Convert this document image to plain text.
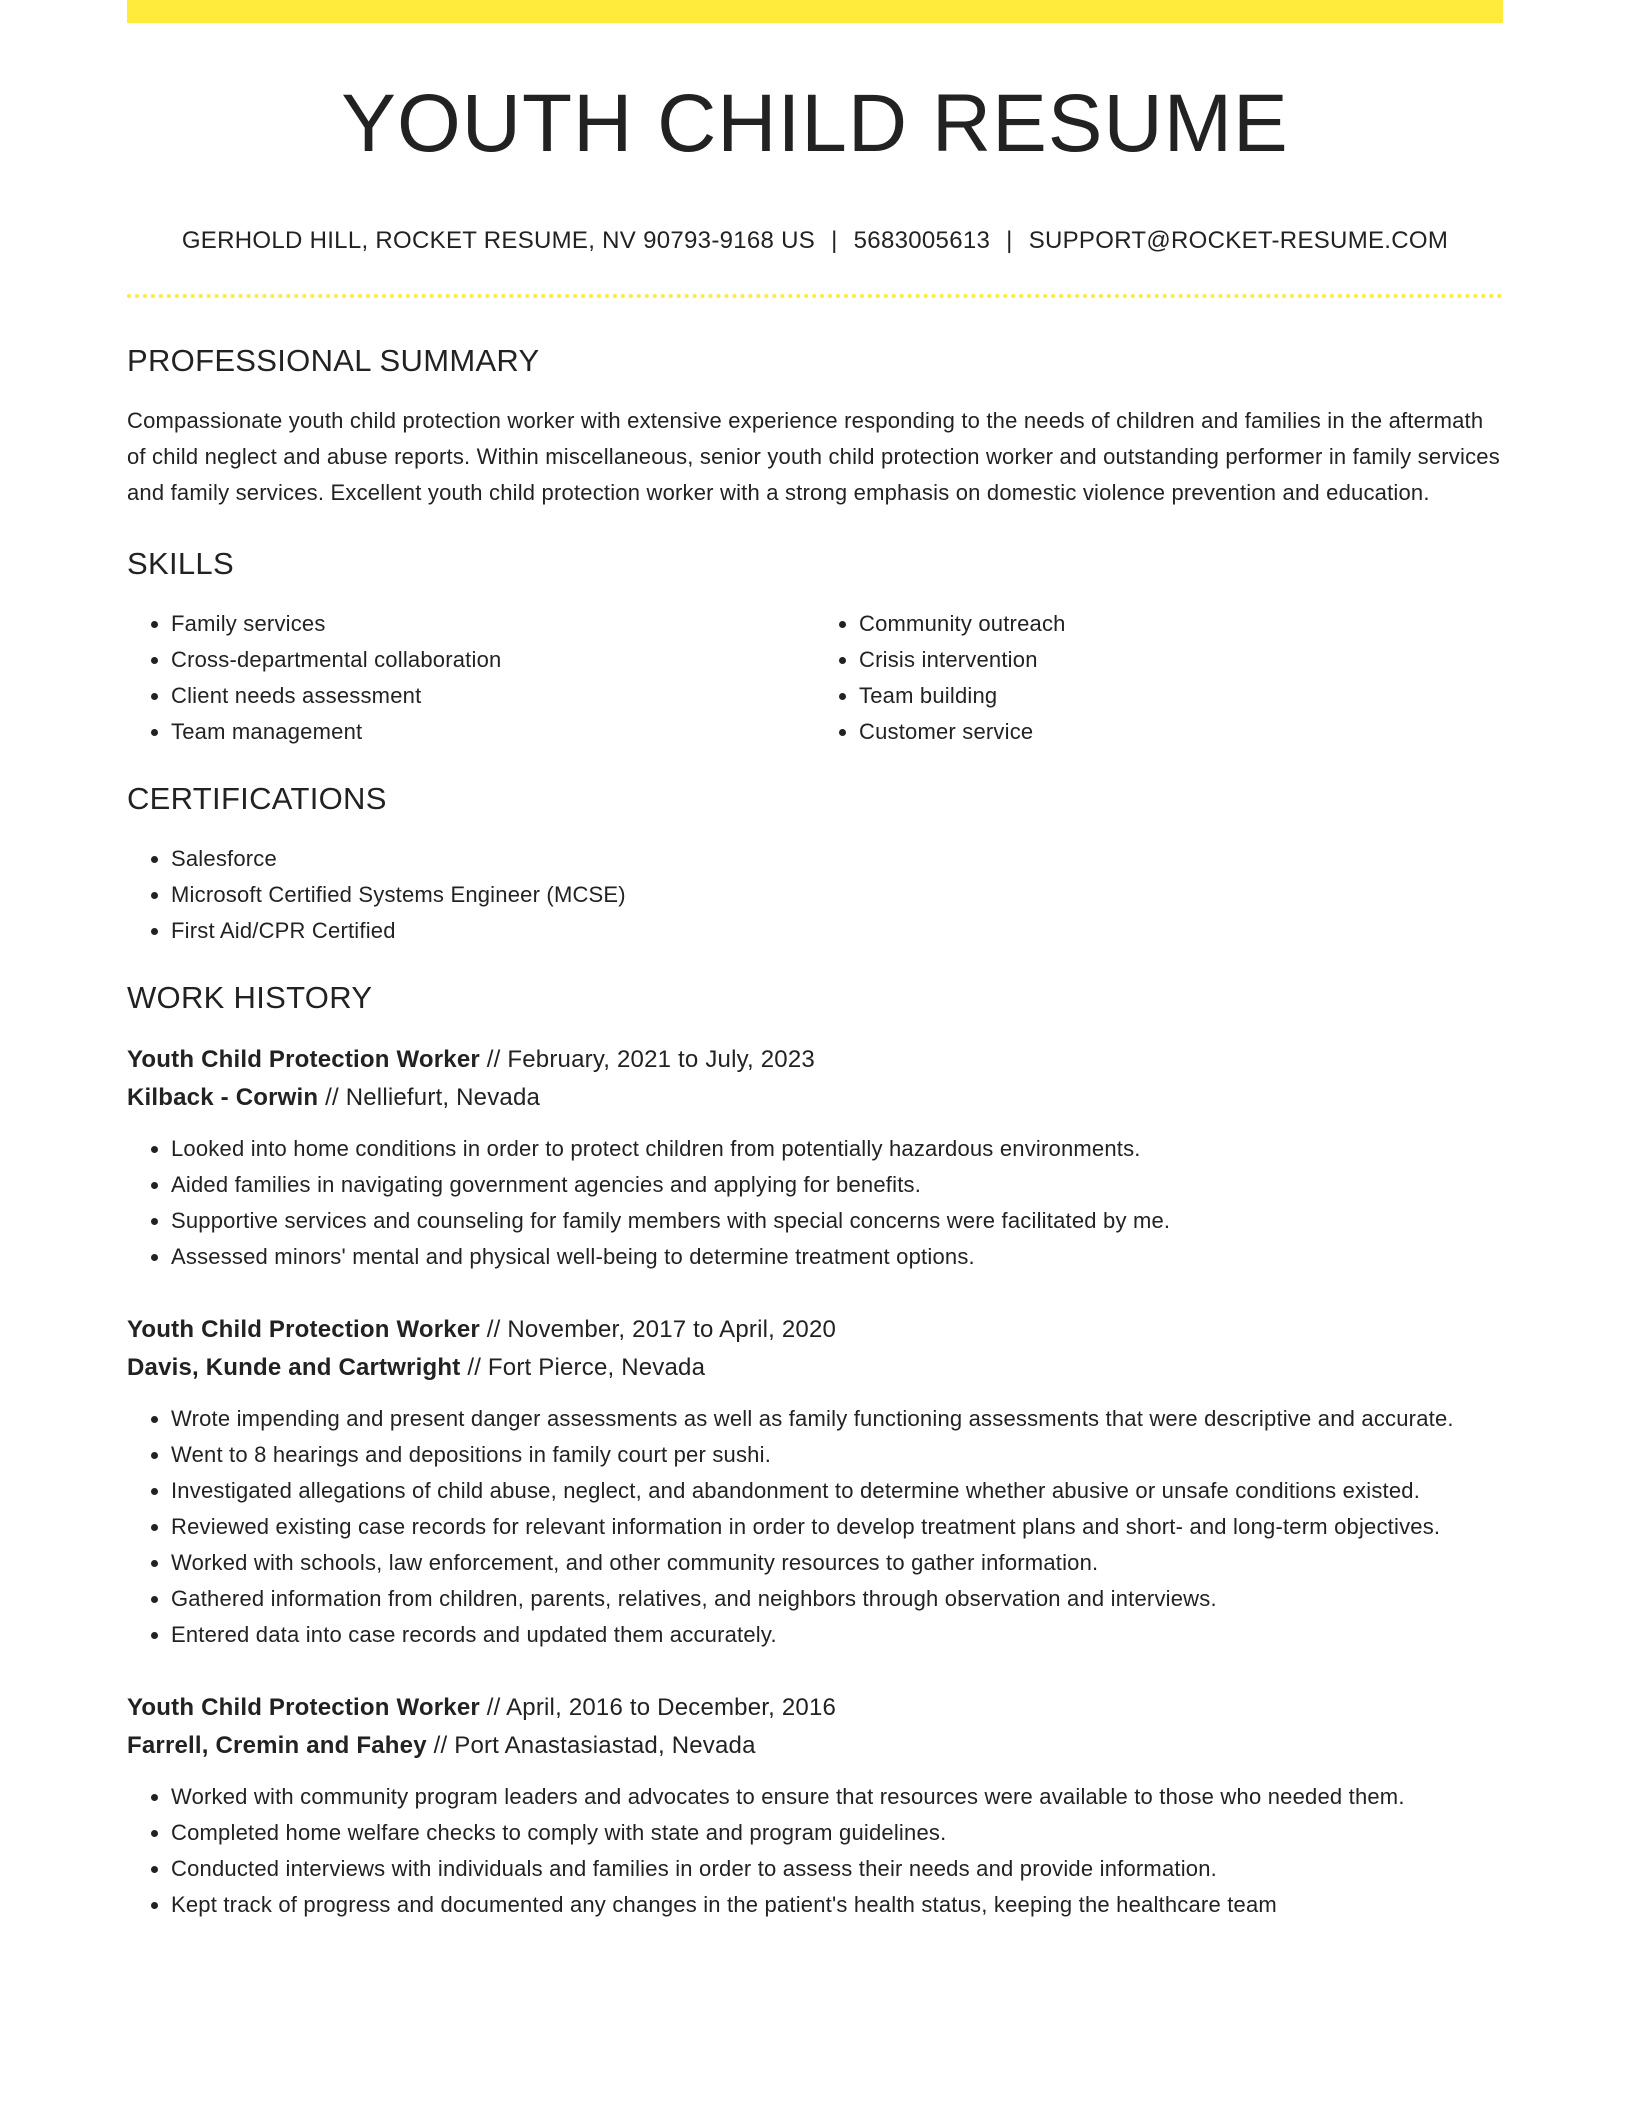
YOUTH CHILD RESUME
GERHOLD HILL, ROCKET RESUME, NV 90793-9168 US | 5683005613 | SUPPORT@ROCKET-RESUME.COM
PROFESSIONAL SUMMARY

Compassionate youth child protection worker with extensive experience responding to the needs of children and families in the aftermath of child neglect and abuse reports. Within miscellaneous, senior youth child protection worker and outstanding performer in family services and family services. Excellent youth child protection worker with a strong emphasis on domestic violence prevention and education.

SKILLS
• Family services
• Cross-departmental collaboration
• Client needs assessment
• Team management
• Community outreach
• Crisis intervention
• Team building
• Customer service
CERTIFICATIONS
• Salesforce
• Microsoft Certified Systems Engineer (MCSE)
• First Aid/CPR Certified
WORK HISTORY
Youth Child Protection Worker // February, 2021 to July, 2023
Kilback - Corwin // Nelliefurt, Nevada
• Looked into home conditions in order to protect children from potentially hazardous environments.
• Aided families in navigating government agencies and applying for benefits.
• Supportive services and counseling for family members with special concerns were facilitated by me.
• Assessed minors' mental and physical well-being to determine treatment options.
Youth Child Protection Worker // November, 2017 to April, 2020
Davis, Kunde and Cartwright // Fort Pierce, Nevada
• Wrote impending and present danger assessments as well as family functioning assessments that were descriptive and accurate.
• Went to 8 hearings and depositions in family court per sushi.
• Investigated allegations of child abuse, neglect, and abandonment to determine whether abusive or unsafe conditions existed.
• Reviewed existing case records for relevant information in order to develop treatment plans and short- and long-term objectives.
• Worked with schools, law enforcement, and other community resources to gather information.
• Gathered information from children, parents, relatives, and neighbors through observation and interviews.
• Entered data into case records and updated them accurately.
Youth Child Protection Worker // April, 2016 to December, 2016
Farrell, Cremin and Fahey // Port Anastasiastad, Nevada
• Worked with community program leaders and advocates to ensure that resources were available to those who needed them.
• Completed home welfare checks to comply with state and program guidelines.
• Conducted interviews with individuals and families in order to assess their needs and provide information.
• Kept track of progress and documented any changes in the patient's health status, keeping the healthcare team
